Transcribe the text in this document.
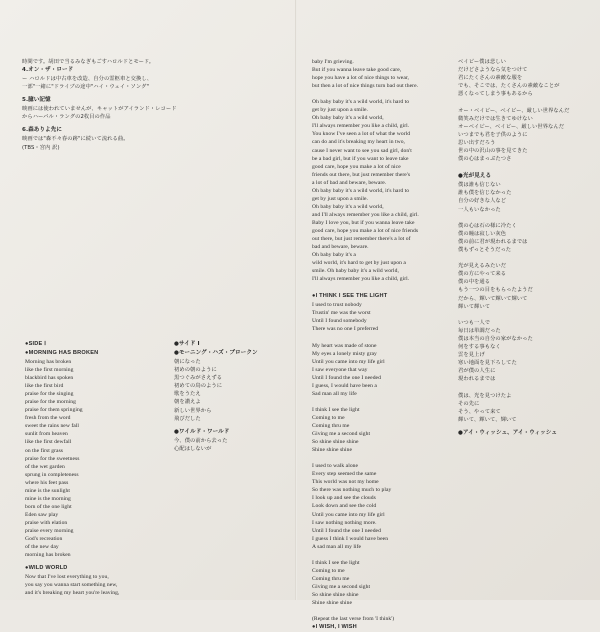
時間です。胡田で当るみなぎもごすハロルドとモード。

4.オン・ザ・ロード

ー ハロルドは中古車を改造、自分の霊柩車と交換し、
一部"一緒に"ドライブの途中"ハイ・ウェイ・ソング"

5.臆い記憶

映画には使われていませんが、キャットがアイランド・レコード
からハーバル・ラングの2枚目の作品

6.森ありよ先に

映画では"森不々春の跡"に続いて流れる曲。
(TBS・宮内 訳)

●SIDE Ⅰ

●MORNING HAS BROKEN

Morning has broken

like the first morning

blackbird has spoken

like the first bird

praise for the singing

praise for the morning

praise for them springing

fresh from the word

sweet the rains new fall

sunlit from heaven

like the first dewfall

on the first grass

praise for the sweetness

of the wet garden

sprung in completeness

where his feet pass

mine is the sunlight

mine is the morning

born of the one light

Eden saw play

praise with elation

praise every morning

God's recreation

of the new day

morning has broken

●WILD WORLD

Now that I've lost everything to you,

you say you wanna start something new,

and it's breaking my heart you're leaving,

●サイド Ⅰ

●モーニング・ハズ・ブロークン

朝になった

初めの朝のように

黒つぐみがさえずる

初めての鳥のように

歌をうたえ

朝を讃えよ

新しい世界から

飛びだした

●ワイルド・ワールド

今、僕の前から去った

心配はしないが

baby I'm grieving.

But if you wanna leave take good care,

hope you have a lot of nice things to wear,

but then a lot of nice things turn bad out there.

Oh baby baby it's a wild world, it's hard to

get by just upon a smile.

Oh baby baby it's a wild world,

I'll always remember you like a child, girl.

You know I've seen a lot of what the world

can do and it's breaking my heart in two,

cause I never want to see you sad girl, don't

be a bad girl, but if you want to leave take

good care, hope you make a lot of nice

friends out there, but just remember there's

a lot of bad and beware, beware.

Oh baby baby it's a wild world, it's hard to

get by just upon a smile.

Oh baby baby it's a wild world,

and I'll always remember you like a child, girl.

Baby I love you, but if you wanna leave take

good care, hope you make a lot of nice friends

out there, but just remember there's a lot of

bad and beware, beware.

Oh baby baby it's a

wild world, it's hard to get by just upon a

smile. Oh baby baby it's a wild world,

I'll always remember you like a child, girl.

●I THINK I SEE THE LIGHT

I used to trust nobody

Trustin' me was the worst

Until I found somebody

There was no one I preferred

My heart was made of stone

My eyes a lonely misty gray

Until you came into my life girl

I saw everyone that way

Until I found the one I needed

I guess, I would have been a

Sad man all my life

I think I see the light

Coming to me

Coming thru me

Giving me a second sight

So shine shine shine

Shine shine shine

I used to walk alone

Every step seemed the same

This world was not my home

So there was nothing much to play

I look up and see the clouds

Look down and see the cold

Until you came into my life girl

I saw nothing nothing more.

Until I found the one I needed

I guess I think I would have been

A sad man all my life

I think I see the light

Coming to me

Coming thru me

Giving me a second sight

So shine shine shine

Shine shine shine

(Repeat the last verse from 'I think')

●I WISH, I WISH

ベイビー僕は悲しい

だけどさようなら気をつけて

君にたくさんの素敵な服を

でも、そこでは、たくさんの素敵なことが

悪くなってしまう事もあるから

オー・ベイビー、ベイビー、厳しい世界なんだ

微笑みだけでは生きてゆけない

オーベイビー、ベイビー、厳しい世界なんだ

いつまでも君を子供のように

思い出すだろう

世の中の沢山の事を見てきた

僕の心はまっぷたつさ

●光が見える

僕は誰も信じない

誰も僕を信じなかった

自分の好きな人など

一人もいなかった

僕の心は石の様に冷たく

僕の瞳は寂しい灰色

僕の前に君が現われるまでは

僕もずっとそうだった

光が見えるみたいだ

僕の方にやって来る

僕の中を通る

もう一つの目をもらったようだ

だから、輝いて輝いて輝いて

輝いて輝いて

いつも一人で

毎日は単調だった

僕は本当の自分の家がなかった

何をする事もなく

雲を見上げ

寒い地面を見下ろしてた

君が僕の人生に

現われるまでは

僕は、光を見つけたよ

その先に

そう、やって来て

輝いて、輝いて、輝いて

●アイ・ウィッシュ、アイ・ウィッシュ
